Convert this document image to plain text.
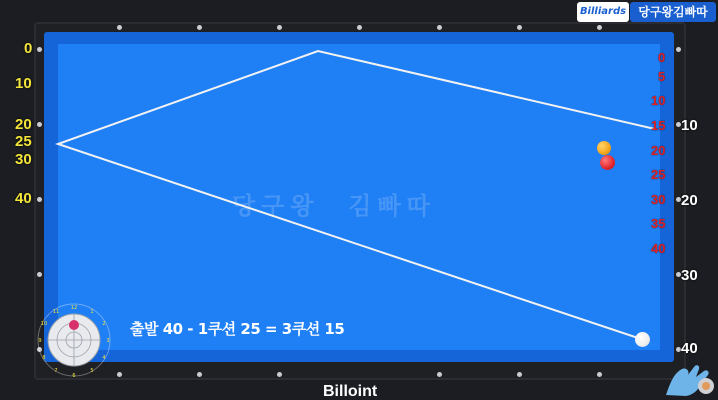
Billiards	당구왕김빠따
당구왕  김빠따
0
10
20
25
30
40
0
5
10
15
20
25
30
35
40
10
20
30
40
출발 40 - 1쿠션 25 = 3쿠션 15
12
1
2
3
4
5
6
7
8
9
10
11
Billoint
